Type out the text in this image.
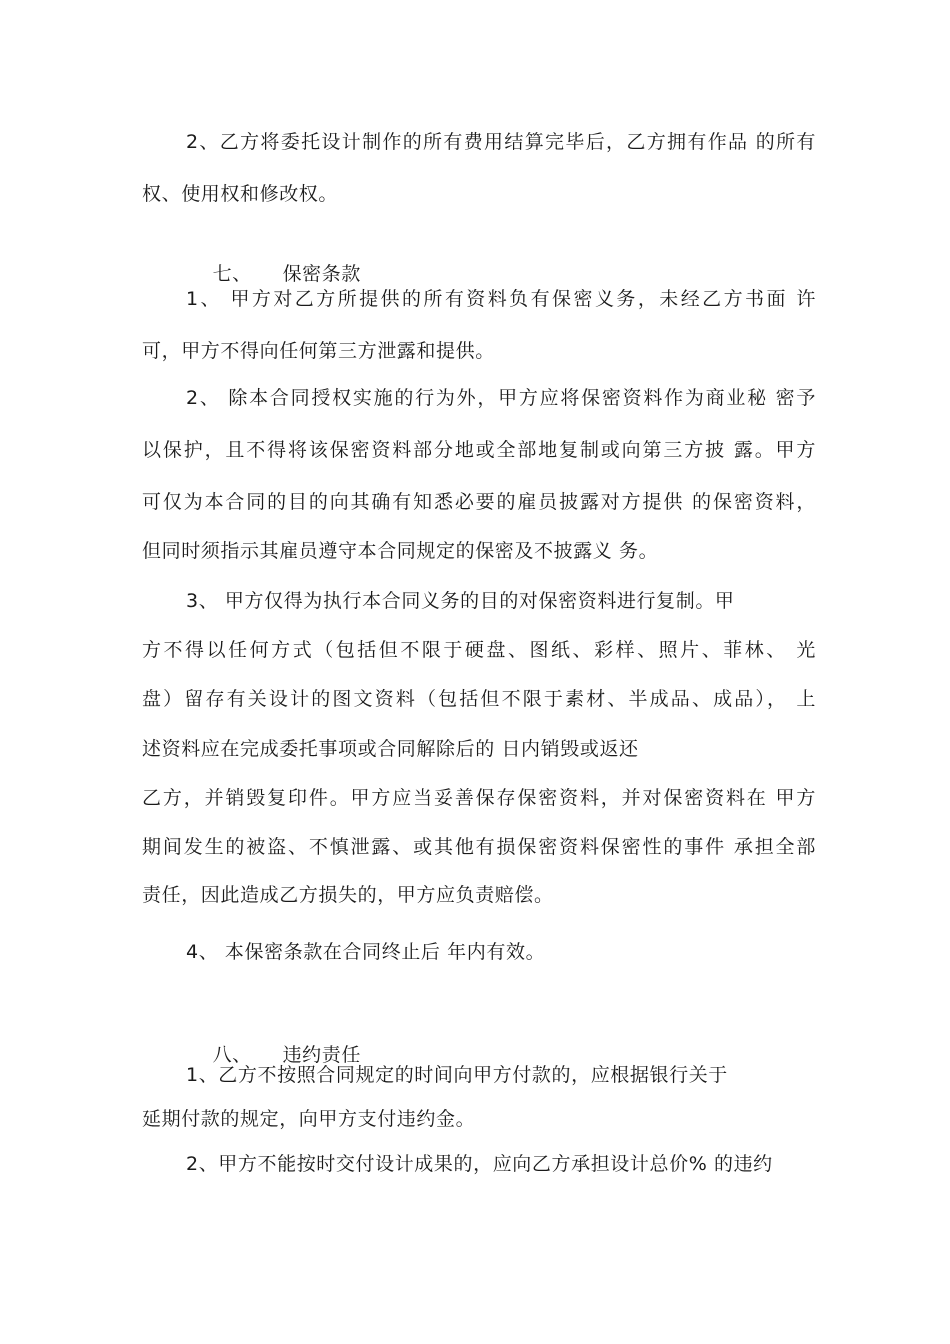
2、乙方将委托设计制作的所有费用结算完毕后，乙方拥有作品 的所有
权、使用权和修改权。

七、 保密条款

1、 甲方对乙方所提供的所有资料负有保密义务，未经乙方书面 许
可，甲方不得向任何第三方泄露和提供。
2、 除本合同授权实施的行为外，甲方应将保密资料作为商业秘 密予
以保护，且不得将该保密资料部分地或全部地复制或向第三方披 露。甲方
可仅为本合同的目的向其确有知悉必要的雇员披露对方提供 的保密资料，
但同时须指示其雇员遵守本合同规定的保密及不披露义 务。
3、 甲方仅得为执行本合同义务的目的对保密资料进行复制。甲
方不得以任何方式（包括但不限于硬盘、图纸、彩样、照片、菲林、 光
盘）留存有关设计的图文资料（包括但不限于素材、半成品、成品）， 上
述资料应在完成委托事项或合同解除后的 日内销毁或返还
乙方，并销毁复印件。甲方应当妥善保存保密资料，并对保密资料在 甲方
期间发生的被盗、不慎泄露、或其他有损保密资料保密性的事件 承担全部
责任，因此造成乙方损失的，甲方应负责赔偿。
4、 本保密条款在合同终止后 年内有效。

八、 违约责任

1、乙方不按照合同规定的时间向甲方付款的，应根据银行关于
延期付款的规定，向甲方支付违约金。
2、甲方不能按时交付设计成果的，应向乙方承担设计总价% 的违约
